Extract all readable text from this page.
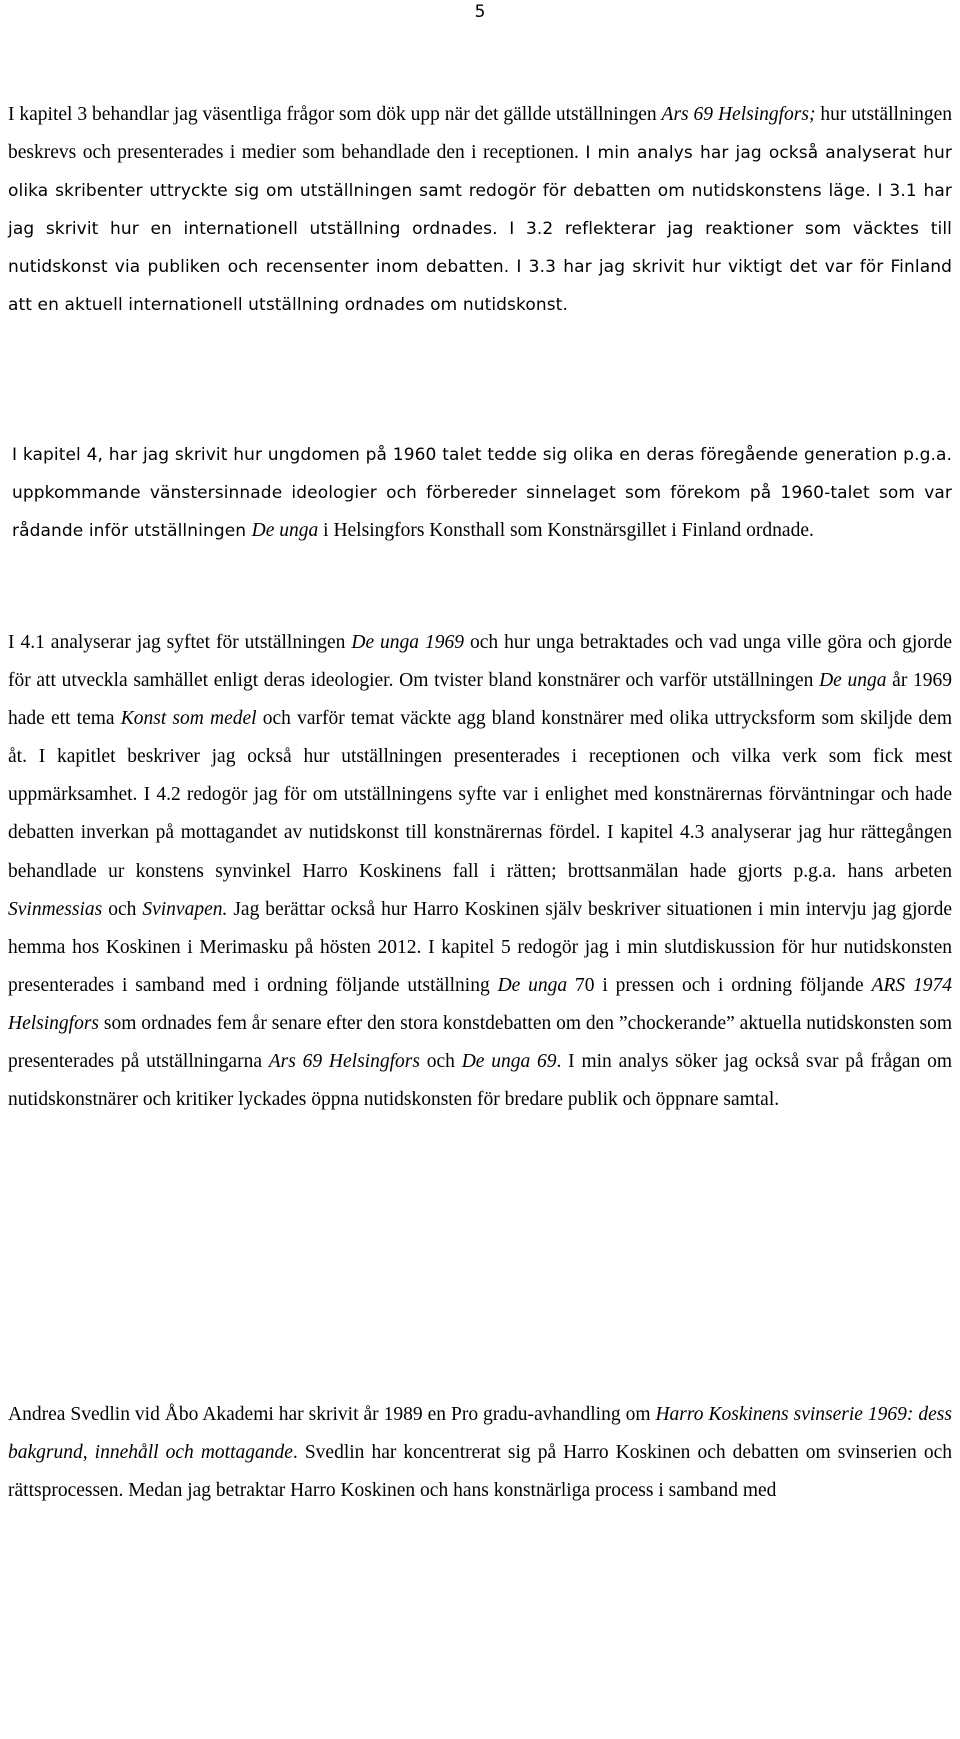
5

I kapitel 3 behandlar jag väsentliga frågor som dök upp när det gällde utställningen Ars 69 Helsingfors; hur utställningen beskrevs och presenterades i medier som behandlade den i receptionen. I min analys har jag också analyserat hur olika skribenter uttryckte sig om utställningen samt redogör för debatten om nutidskonstens läge. I 3.1 har jag skrivit hur en internationell utställning ordnades. I 3.2 reflekterar jag reaktioner som väcktes till nutidskonst via publiken och recensenter inom debatten. I 3.3 har jag skrivit hur viktigt det var för Finland att en aktuell internationell utställning ordnades om nutidskonst.

I kapitel 4, har jag skrivit hur ungdomen på 1960 talet tedde sig olika en deras föregående generation p.g.a. uppkommande vänstersinnade ideologier och förbereder sinnelaget som förekom på 1960-talet som var rådande inför utställningen De unga i Helsingfors Konsthall som Konstnärsgillet i Finland ordnade.

I 4.1 analyserar jag syftet för utställningen De unga 1969 och hur unga betraktades och vad unga ville göra och gjorde för att utveckla samhället enligt deras ideologier. Om tvister bland konstnärer och varför utställningen De unga år 1969 hade ett tema Konst som medel och varför temat väckte agg bland konstnärer med olika uttrycksform som skiljde dem åt. I kapitlet beskriver jag också hur utställningen presenterades i receptionen och vilka verk som fick mest uppmärksamhet. I 4.2 redogör jag för om utställningens syfte var i enlighet med konstnärernas förväntningar och hade debatten inverkan på mottagandet av nutidskonst till konstnärernas fördel. I kapitel 4.3 analyserar jag hur rättegången behandlade ur konstens synvinkel Harro Koskinens fall i rätten; brottsanmälan hade gjorts p.g.a. hans arbeten Svinmessias och Svinvapen. Jag berättar också hur Harro Koskinen själv beskriver situationen i min intervju jag gjorde hemma hos Koskinen i Merimasku på hösten 2012. I kapitel 5 redogör jag i min slutdiskussion för hur nutidskonsten presenterades i samband med i ordning följande utställning De unga 70 i pressen och i ordning följande ARS 1974 Helsingfors som ordnades fem år senare efter den stora konstdebatten om den ”chockerande” aktuella nutidskonsten som presenterades på utställningarna Ars 69 Helsingfors och De unga 69. I min analys söker jag också svar på frågan om nutidskonstnärer och kritiker lyckades öppna nutidskonsten för bredare publik och öppnare samtal.

Andrea Svedlin vid Åbo Akademi har skrivit år 1989 en Pro gradu-avhandling om Harro Koskinens svinserie 1969: dess bakgrund, innehåll och mottagande. Svedlin har koncentrerat sig på Harro Koskinen och debatten om svinserien och rättsprocessen. Medan jag betraktar Harro Koskinen och hans konstnärliga process i samband med
